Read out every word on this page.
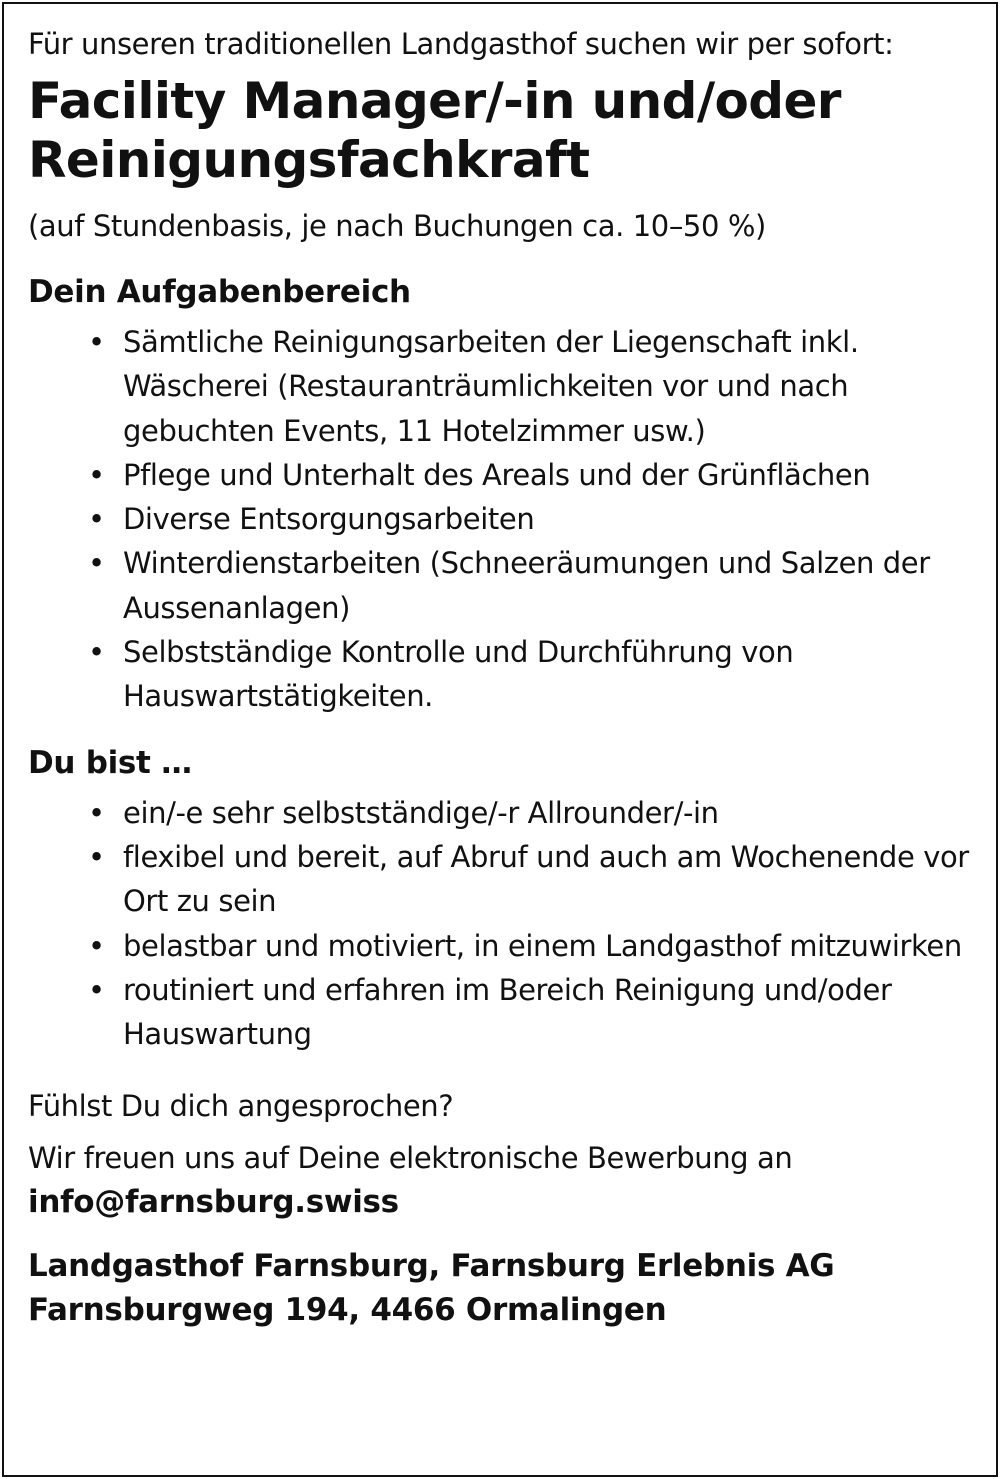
Für unseren traditionellen Landgasthof suchen wir per sofort:

Facility Manager/-in und/oder
Reinigungsfachkraft

(auf Stundenbasis, je nach Buchungen ca. 10–50 %)

Dein Aufgabenbereich
• Sämtliche Reinigungsarbeiten der Liegenschaft inkl. Wäscherei (Restauranträumlichkeiten vor und nach gebuchten Events, 11 Hotelzimmer usw.)
• Pflege und Unterhalt des Areals und der Grünflächen
• Diverse Entsorgungsarbeiten
• Winterdienstarbeiten (Schneeräumungen und Salzen der Aussenanlagen)
• Selbstständige Kontrolle und Durchführung von Hauswartstätigkeiten.
Du bist …
• ein/-e sehr selbstständige/-r Allrounder/-in
• flexibel und bereit, auf Abruf und auch am Wochenende vor Ort zu sein
• belastbar und motiviert, in einem Landgasthof mitzuwirken
• routiniert und erfahren im Bereich Reinigung und/oder Hauswartung

Fühlst Du dich angesprochen?

Wir freuen uns auf Deine elektronische Bewerbung an

info@farnsburg.swiss

Landgasthof Farnsburg, Farnsburg Erlebnis AG

Farnsburgweg 194, 4466 Ormalingen
